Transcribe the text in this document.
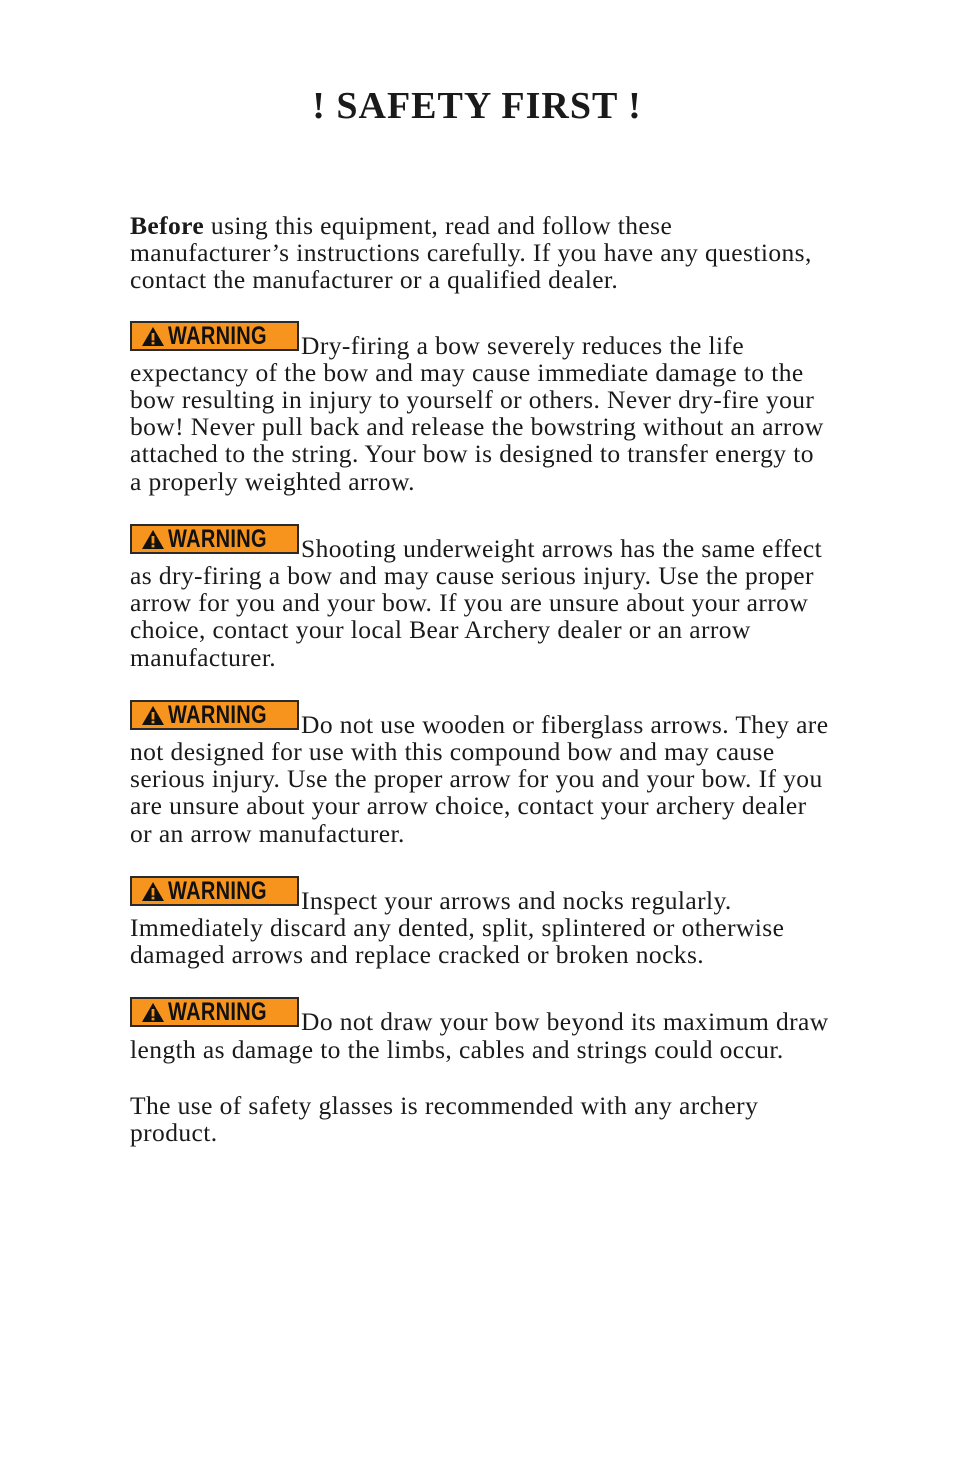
! SAFETY FIRST !

Before using this equipment, read and follow these manufacturer’s instructions carefully. If you have any questions, contact the manufacturer or a qualified dealer.

WARNING Dry-firing a bow severely reduces the life expectancy of the bow and may cause immediate damage to the bow resulting in injury to yourself or others. Never dry-fire your bow! Never pull back and release the bowstring without an arrow attached to the string. Your bow is designed to transfer energy to a properly weighted arrow.

WARNING Shooting underweight arrows has the same effect as dry-firing a bow and may cause serious injury. Use the proper arrow for you and your bow. If you are unsure about your arrow choice, contact your local Bear Archery dealer or an arrow manufacturer.

WARNING Do not use wooden or fiberglass arrows. They are not designed for use with this compound bow and may cause serious injury. Use the proper arrow for you and your bow. If you are unsure about your arrow choice, contact your archery dealer or an arrow manufacturer.

WARNING Inspect your arrows and nocks regularly. Immediately discard any dented, split, splintered or otherwise damaged arrows and replace cracked or broken nocks.

WARNING Do not draw your bow beyond its maximum draw length as damage to the limbs, cables and strings could occur.

The use of safety glasses is recommended with any archery product.
